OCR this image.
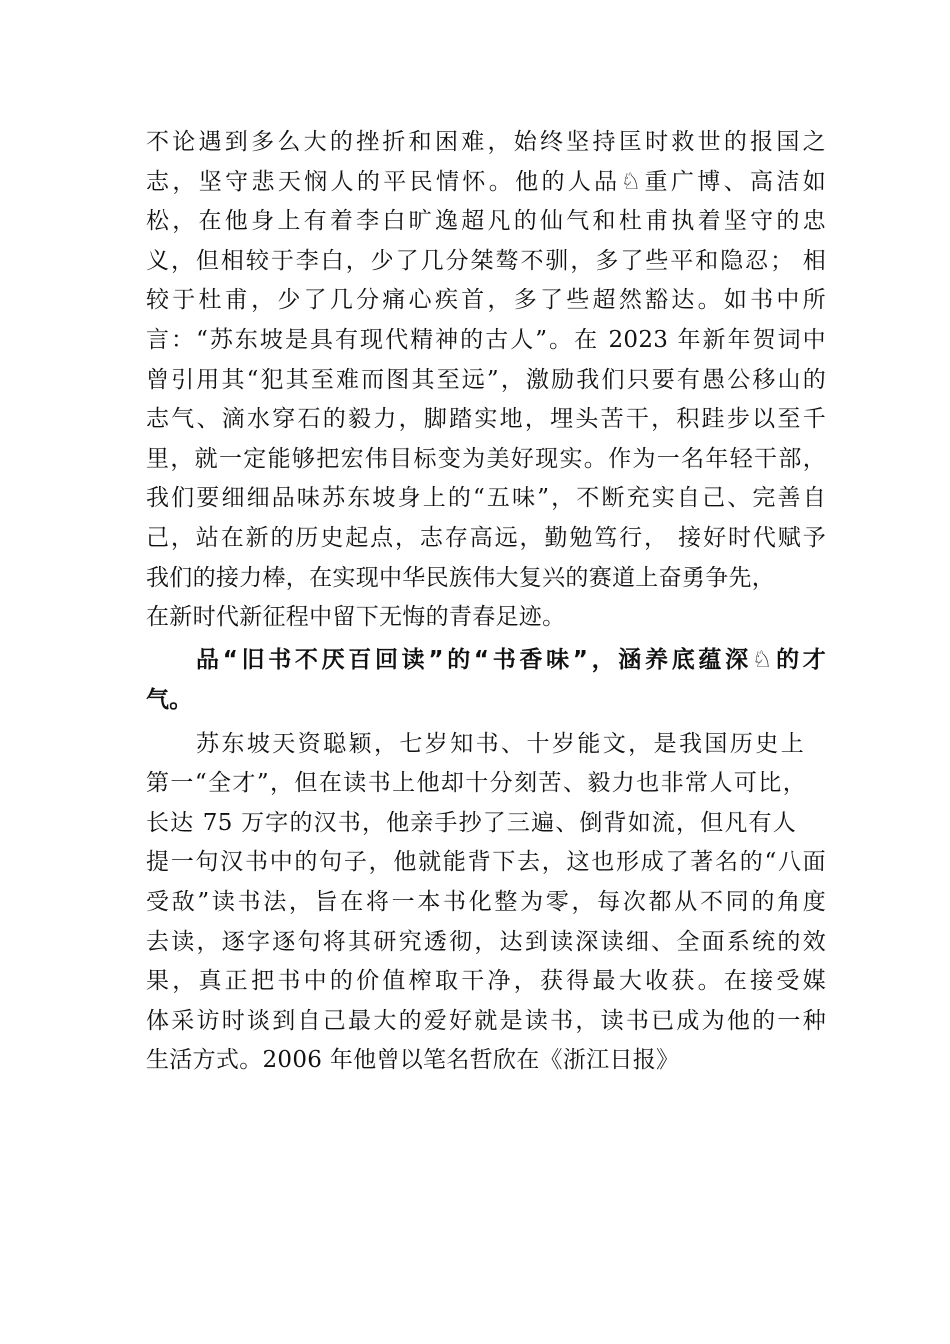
不论遇到多么大的挫折和困难，始终坚持匡时救世的报国之
志，坚守悲天悯人的平民情怀。他的人品♘重广博、高洁如
松，在他身上有着李白旷逸超凡的仙气和杜甫执着坚守的忠
义，但相较于李白，少了几分桀骜不驯，多了些平和隐忍； 相
较于杜甫，少了几分痛心疾首，多了些超然豁达。如书中所
言：“苏东坡是具有现代精神的古人”。在 2023 年新年贺词中
曾引用其“犯其至难而图其至远”，激励我们只要有愚公移山的
志气、滴水穿石的毅力，脚踏实地，埋头苦干，积跬步以至千
里，就一定能够把宏伟目标变为美好现实。作为一名年轻干部，
我们要细细品味苏东坡身上的“五味”，不断充实自己、完善自
己，站在新的历史起点，志存高远，勤勉笃行， 接好时代赋予
我们的接力棒，在实现中华民族伟大复兴的赛道上奋勇争先，
在新时代新征程中留下无悔的青春足迹。
品“旧书不厌百回读”的“书香味”，涵养底蕴深♘的才
气。
苏东坡天资聪颖，七岁知书、十岁能文，是我国历史上
第一“全才”，但在读书上他却十分刻苦、毅力也非常人可比，
长达 75 万字的汉书，他亲手抄了三遍、倒背如流，但凡有人
提一句汉书中的句子，他就能背下去，这也形成了著名的“八面
受敌”读书法，旨在将一本书化整为零，每次都从不同的角度
去读，逐字逐句将其研究透彻，达到读深读细、全面系统的效
果，真正把书中的价值榨取干净，获得最大收获。在接受媒
体采访时谈到自己最大的爱好就是读书，读书已成为他的一种
生活方式。2006 年他曾以笔名哲欣在《浙江日报》
